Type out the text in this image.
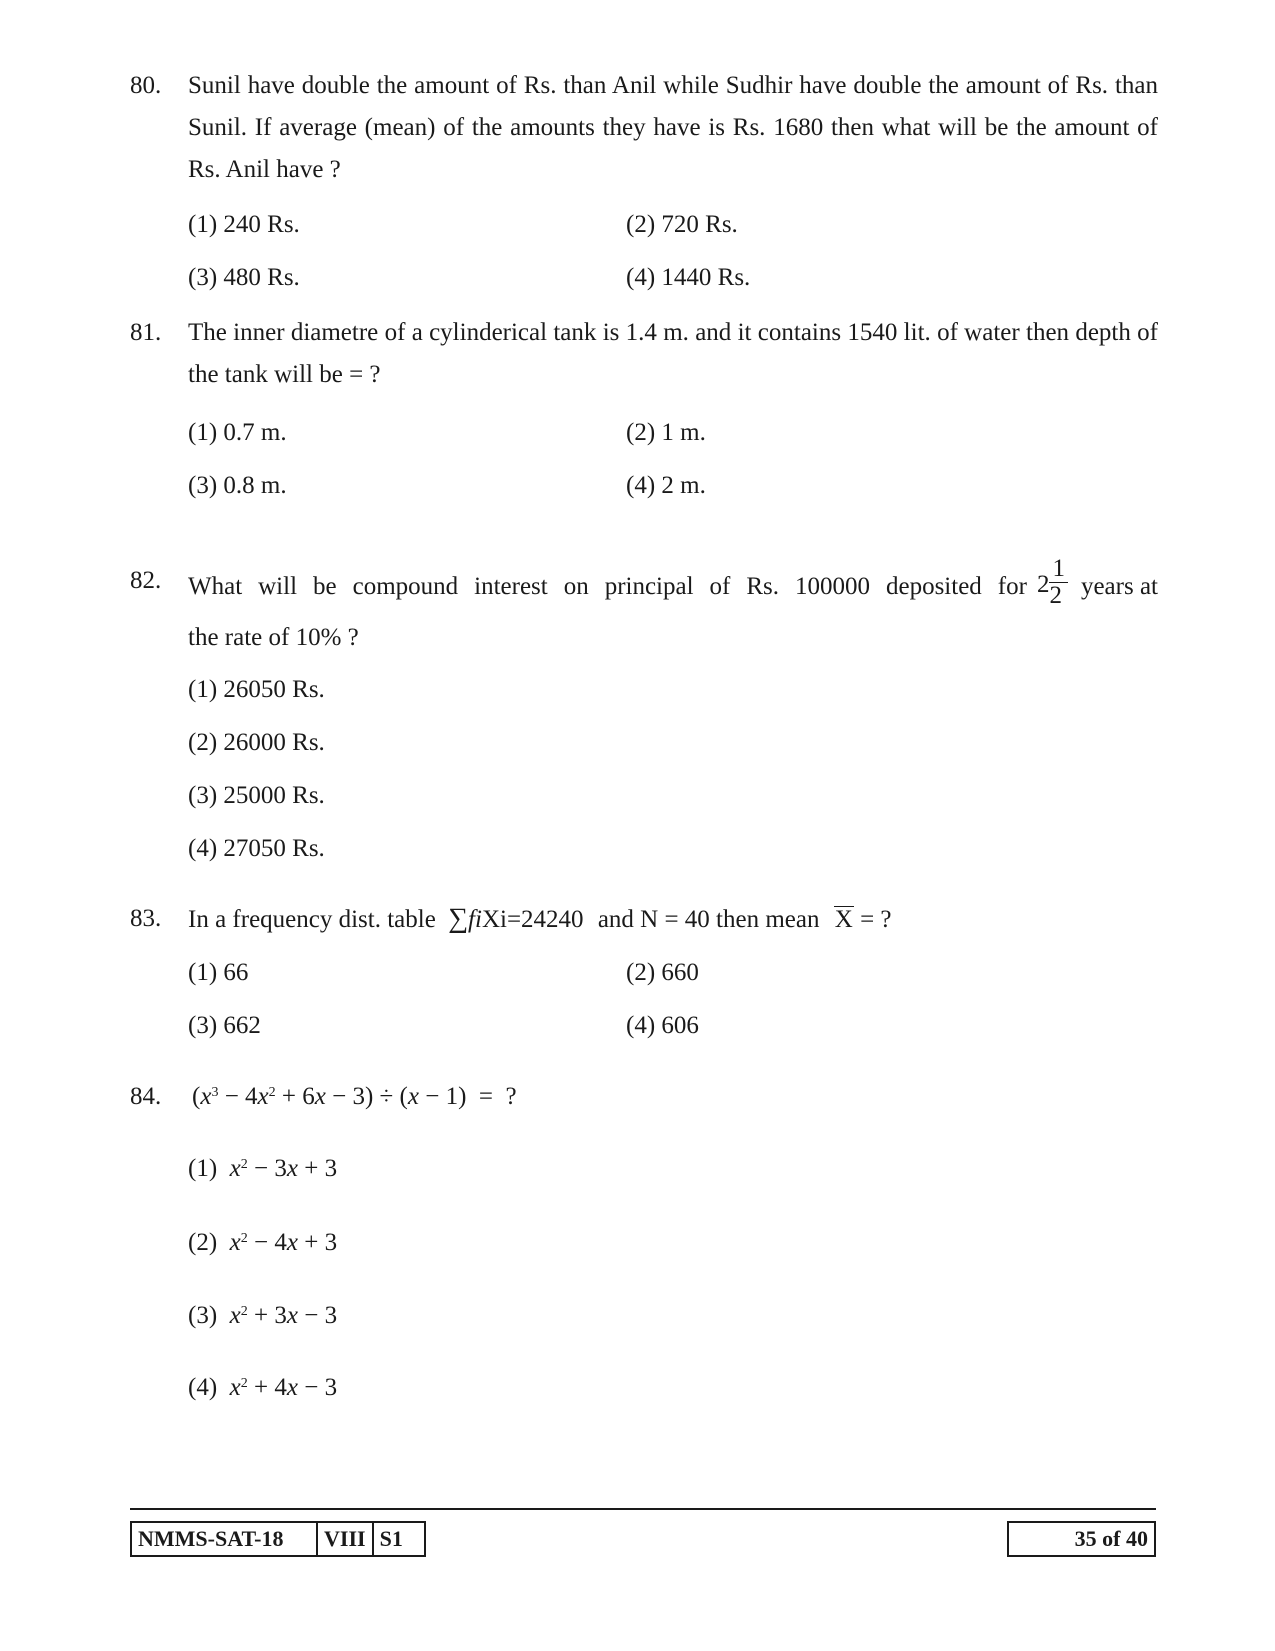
80.	Sunil have double the amount of Rs. than Anil while Sudhir have double the amount of Rs. than Sunil. If average (mean) of the amounts they have is Rs. 1680 then what will be the amount of Rs. Anil have ?
(1) 240 Rs.	(2) 720 Rs.
(3) 480 Rs.	(4) 1440 Rs.
81.	The inner diametre of a cylinderical tank is 1.4 m. and it contains 1540 lit. of water then depth of the tank will be = ?
(1) 0.7 m.	(2) 1 m.
(3) 0.8 m.	(4) 2 m.
82.	What will be compound interest on principal of Rs. 100000 deposited for $2 \frac{1}{2}$ years at
the rate of 10% ?
(1) 26050 Rs.
(2) 26000 Rs.
(3) 25000 Rs.
(4) 27050 Rs.
83.	In a frequency dist. table ∑fiXi=24240 and N = 40 then mean X = ?
(1) 66	(2) 660
(3) 662	(4) 606
84.	$(x^3 - 4x^2 + 6x - 3) \div (x - 1)$  =  ?
(1) $x^2 - 3x + 3$
(2) $x^2 - 4x + 3$
(3) $x^2 + 3x - 3$
(4) $x^2 + 4x - 3$
NMMS-SAT-18	VIII S1	35 of 40
